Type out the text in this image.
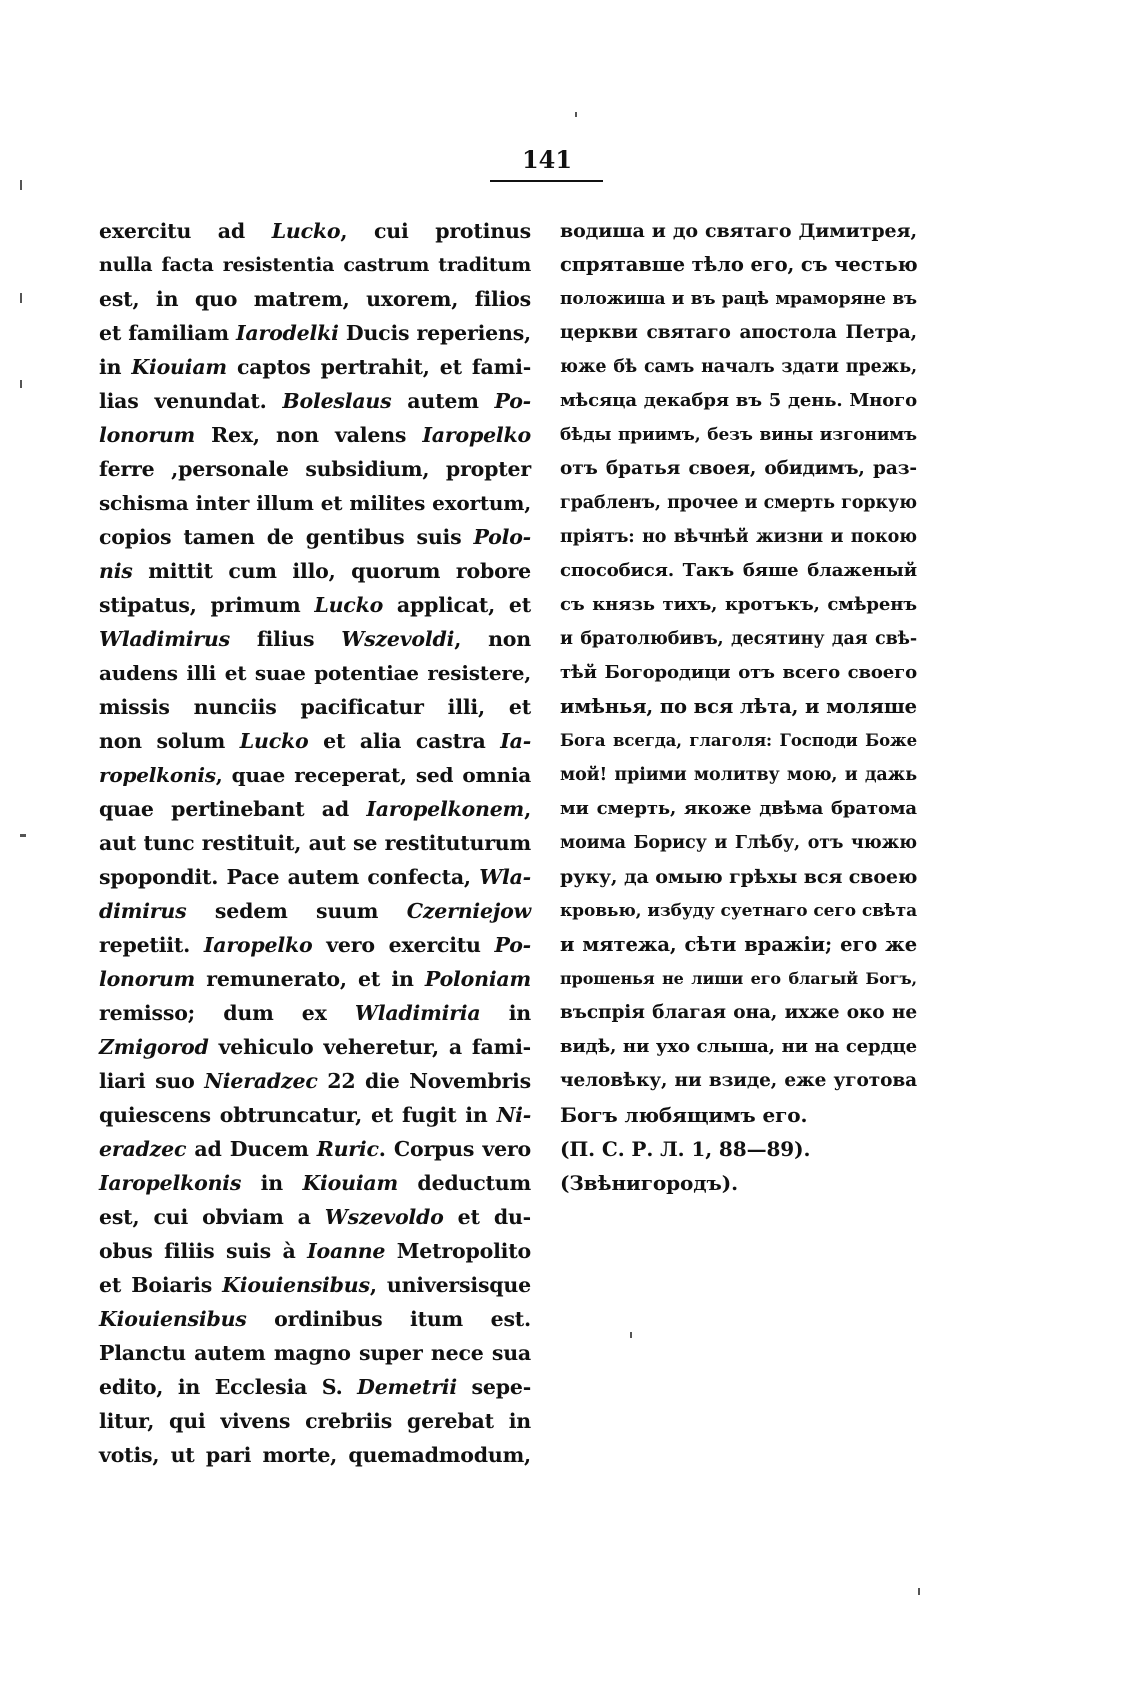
141
exercitu ad Lucko, cui protinus
nulla facta resistentia castrum traditum
est, in quo matrem, uxorem, filios
et familiam Iarodelki Ducis reperiens,
in Kiouiam captos pertrahit, et fami-
lias venundat. Boleslaus autem Po-
lonorum Rex, non valens Iaropelko
ferre ,personale subsidium, propter
schisma inter illum et milites exortum,
copios tamen de gentibus suis Polo-
nis mittit cum illo, quorum robore
stipatus, primum Lucko applicat, et
Wladimirus filius Wszevoldi, non
audens illi et suae potentiae resistere,
missis nunciis pacificatur illi, et
non solum Lucko et alia castra Ia-
ropelkonis, quae receperat, sed omnia
quae pertinebant ad Iaropelkonem,
aut tunc restituit, aut se restituturum
spopondit. Pace autem confecta, Wla-
dimirus sedem suum Czerniejow
repetiit. Iaropelko vero exercitu Po-
lonorum remunerato, et in Poloniam
remisso; dum ex Wladimiria in
Zmigorod vehiculo veheretur, a fami-
liari suo Nieradzec 22 die Novembris
quiescens obtruncatur, et fugit in Ni-
eradzec ad Ducem Ruric. Corpus vero
Iaropelkonis in Kiouiam deductum
est, cui obviam a Wszevoldo et du-
obus filiis suis à Ioanne Metropolito
et Boiaris Kiouiensibus, universisque
Kiouiensibus ordinibus itum est.
Planctu autem magno super nece sua
edito, in Ecclesia S. Demetrii sepe-
litur, qui vivens crebriis gerebat in
votis, ut pari morte, quemadmodum,
водиша и до святаго Димитрея,
спрятавше тѣло его, съ честью
положиша и въ рацѣ мраморяне въ
церкви святаго апостола Петра,
юже бѣ самъ началъ здати прежь,
мѣсяца декабря въ 5 день. Много
бѣды приимъ, безъ вины изгонимъ
отъ братья своея, обидимъ, раз-
грабленъ, прочее и смерть горкую
пріятъ: но вѣчнѣй жизни и покою
способися. Такъ бяше блаженый
съ князь тихъ, кротъкъ, смѣренъ
и братолюбивъ, десятину дая свѣ-
тѣй Богородици отъ всего своего
имѣнья, по вся лѣта, и моляше
Бога всегда, глаголя: Господи Боже
мой! пріими молитву мою, и дажь
ми смерть, якоже двѣма братома
моима Борису и Глѣбу, отъ чюжю
руку, да омыю грѣхы вся своею
кровью, избуду суетнаго сего свѣта
и мятежа, сѣти вражіи; его же
прошенья не лиши его благый Богъ,
въспрія благая она, ихже око не
видѣ, ни ухо слыша, ни на сердце
человѣку, ни взиде, еже уготова
Богъ любящимъ его.
(П. С. Р. Л. 1, 88—89).
(Звѣнигородъ).
